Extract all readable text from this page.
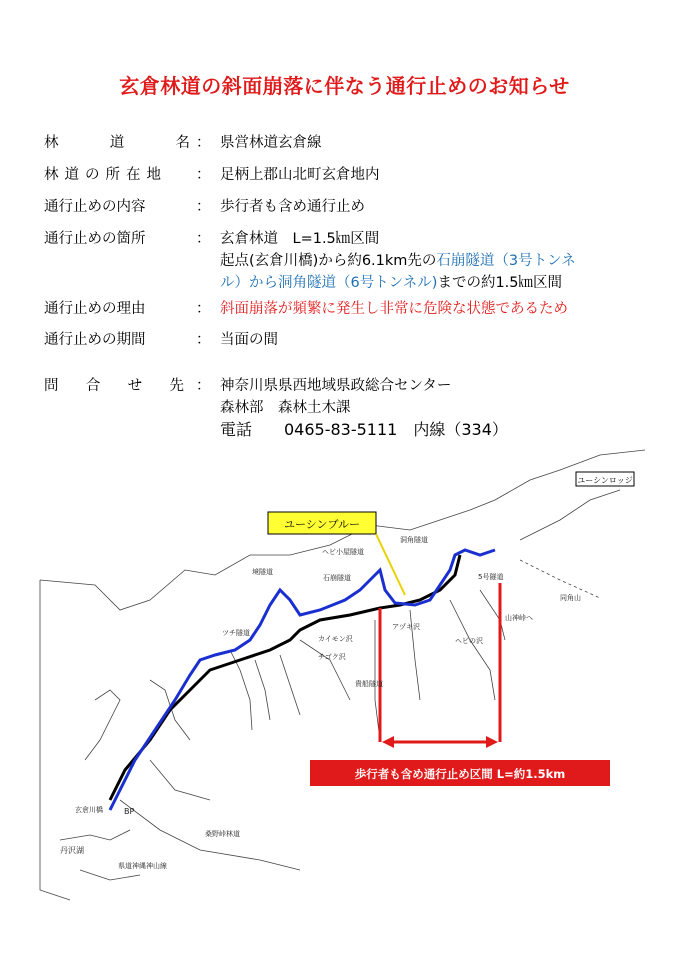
玄倉林道の斜面崩落に伴なう通行止めのお知らせ
林	道	名 ： 県営林道玄倉線
林道の所在地	： 足柄上郡山北町玄倉地内
通行止めの内容	： 歩行者も含め通行止め
通行止めの箇所	： 玄倉林道　L=1.5㎞区間
起点(玄倉川橋)から約6.1km先の石崩隧道（3号トンネ
ル）から洞角隧道（6号トンネル)までの約1.5㎞区間
通行止めの理由	： 斜面崩落が頻繁に発生し非常に危険な状態であるため
通行止めの期間	： 当面の間
問 合 せ 先 ： 神奈川県県西地域県政総合センター
森林部　森林土木課
電話　　0465-83-5111　内線（334）
ユーシンブルー
ユーシンロッジ
歩行者も含め通行止め区間 L=約1.5km
洞角隧道
ヘビ小屋隧道
石崩隧道
境隧道
ツチ隧道
カイモン沢
チゴク沢
アヅキ沢
ヘビの沢
貴船隧道
5号隧道
同角山
玄倉川橋
丹沢湖
BP
県道神縄神山線
桑野峠林道
山神峠へ
